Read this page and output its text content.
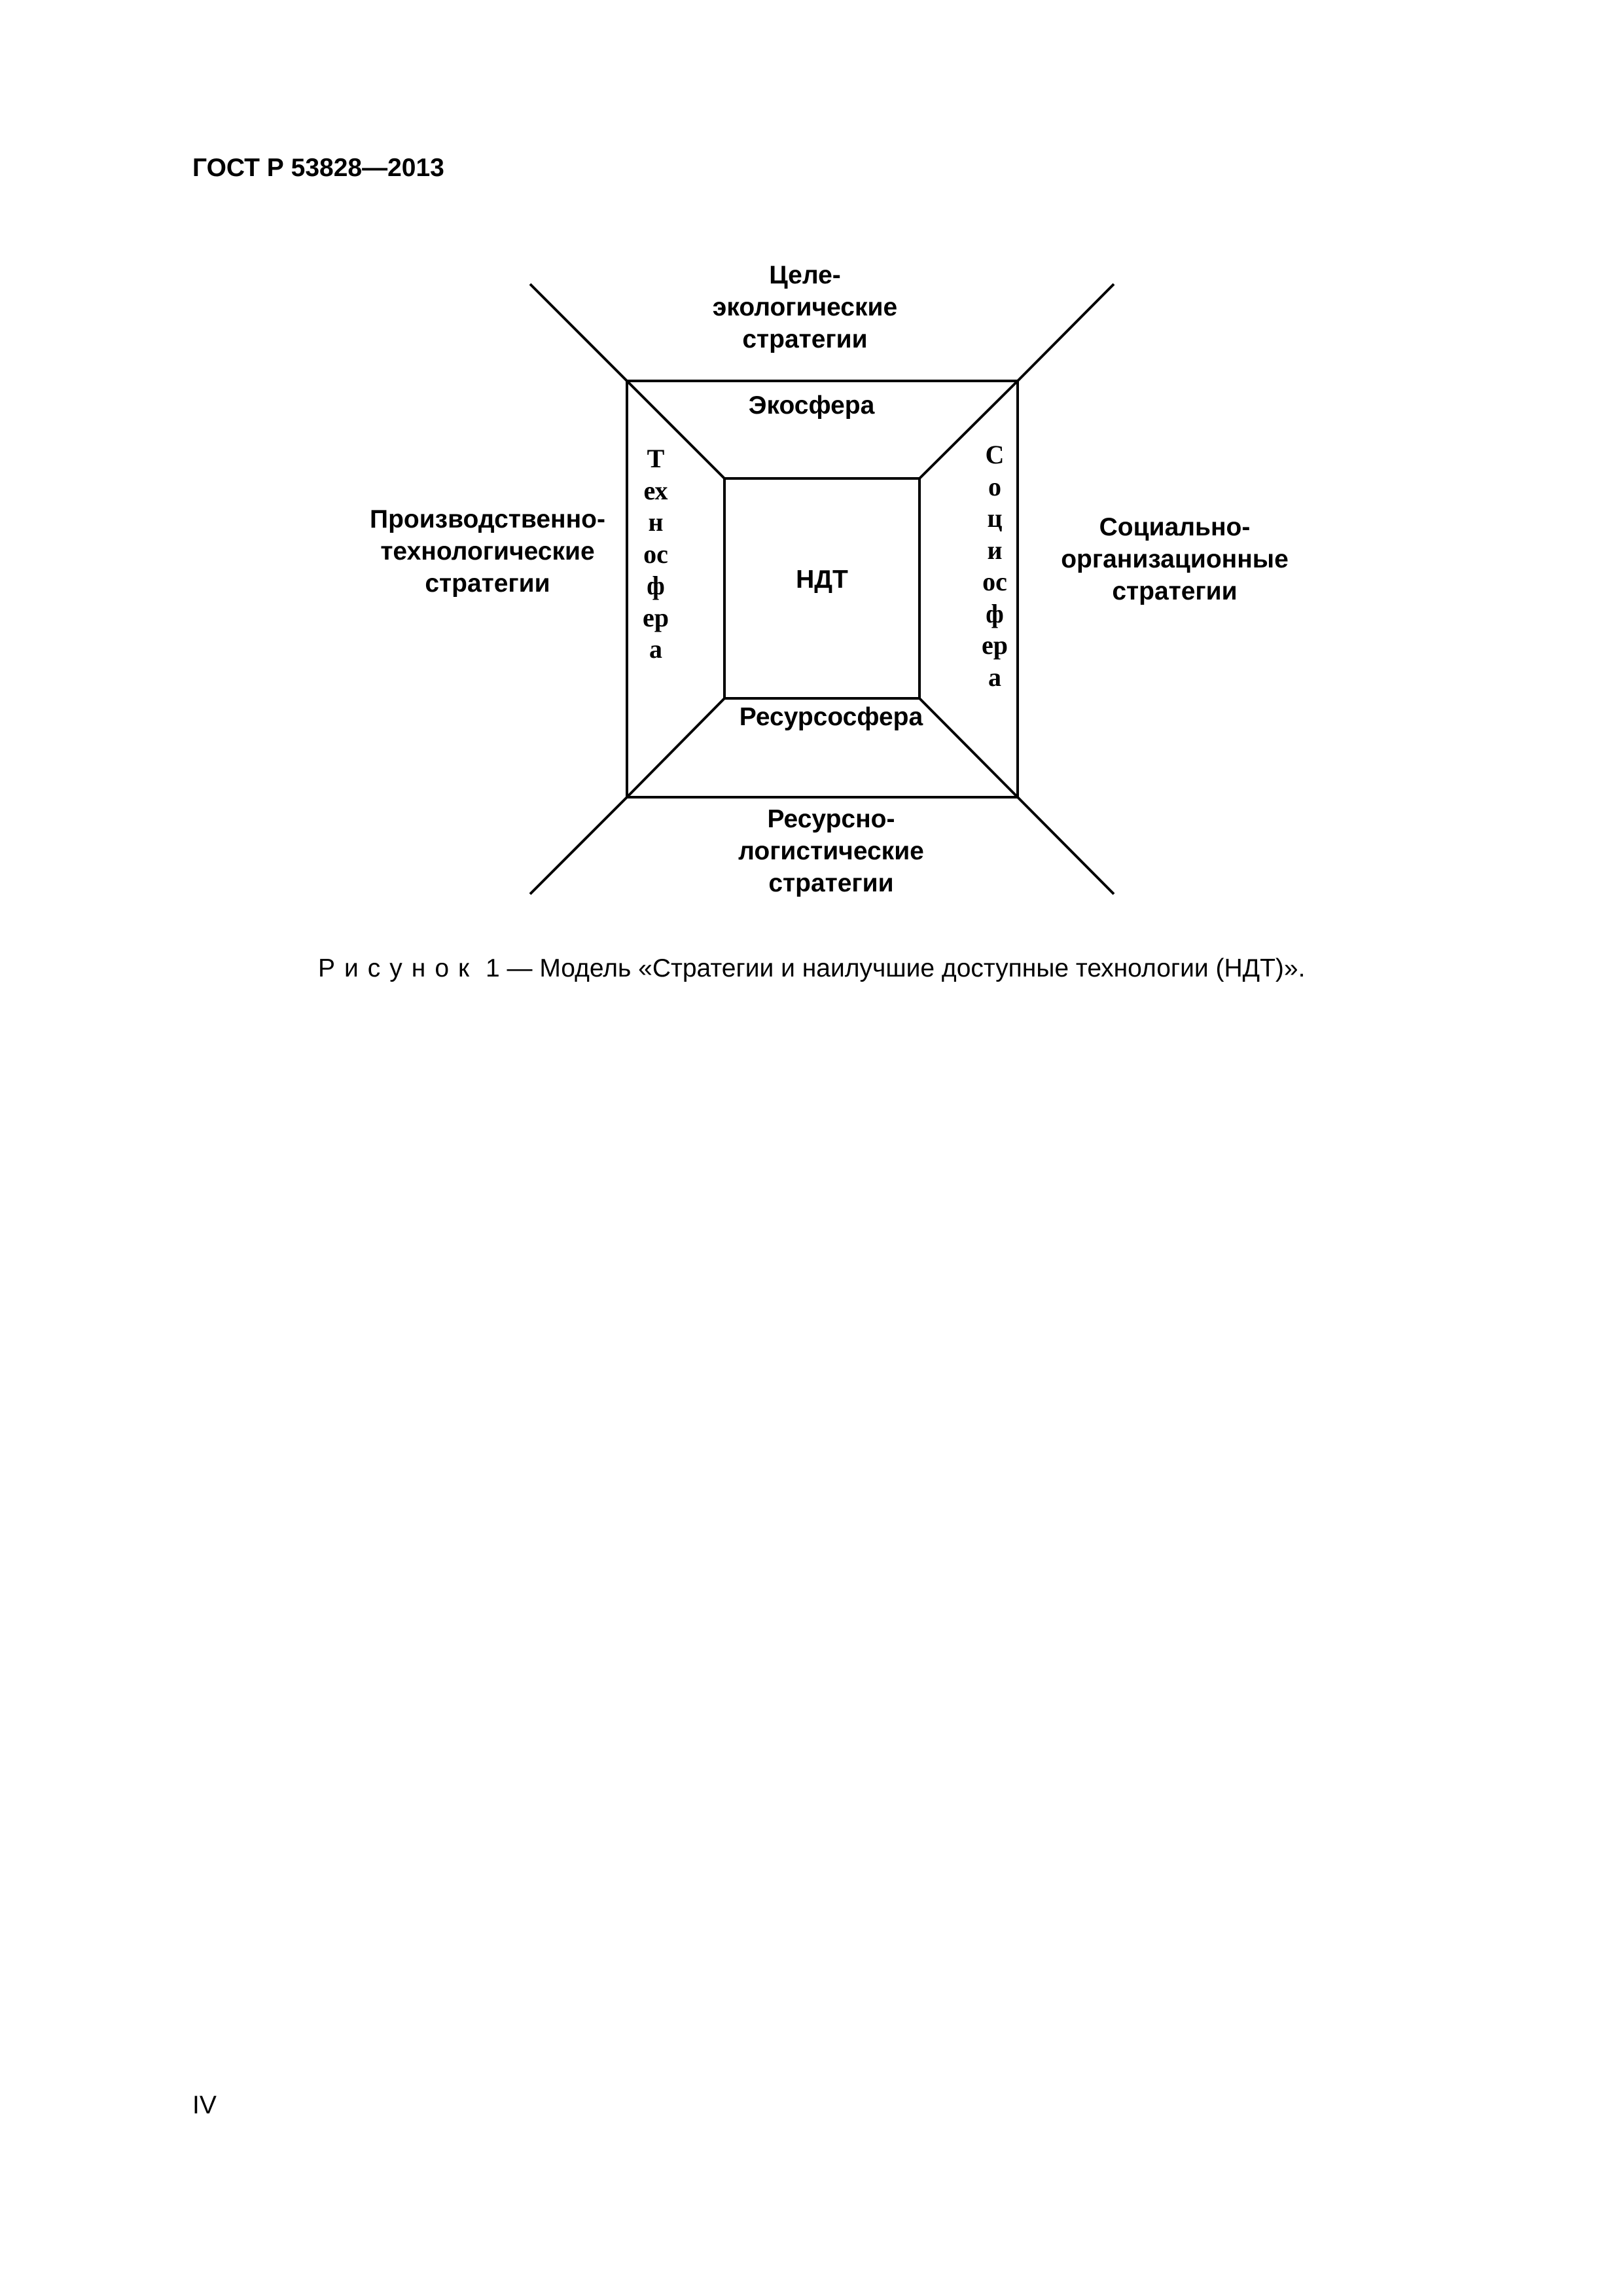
ГОСТ Р 53828—2013
Целе-
экологические
стратегии
Производственно-
технологические
стратегии
Социально-
организационные
стратегии
Ресурсно-
логистические
стратегии
Экосфера
Ресурсосфера
НДТ
Техносфера
Социосфера
Рисунок 1 — Модель «Стратегии и наилучшие доступные технологии (НДТ)».
IV
